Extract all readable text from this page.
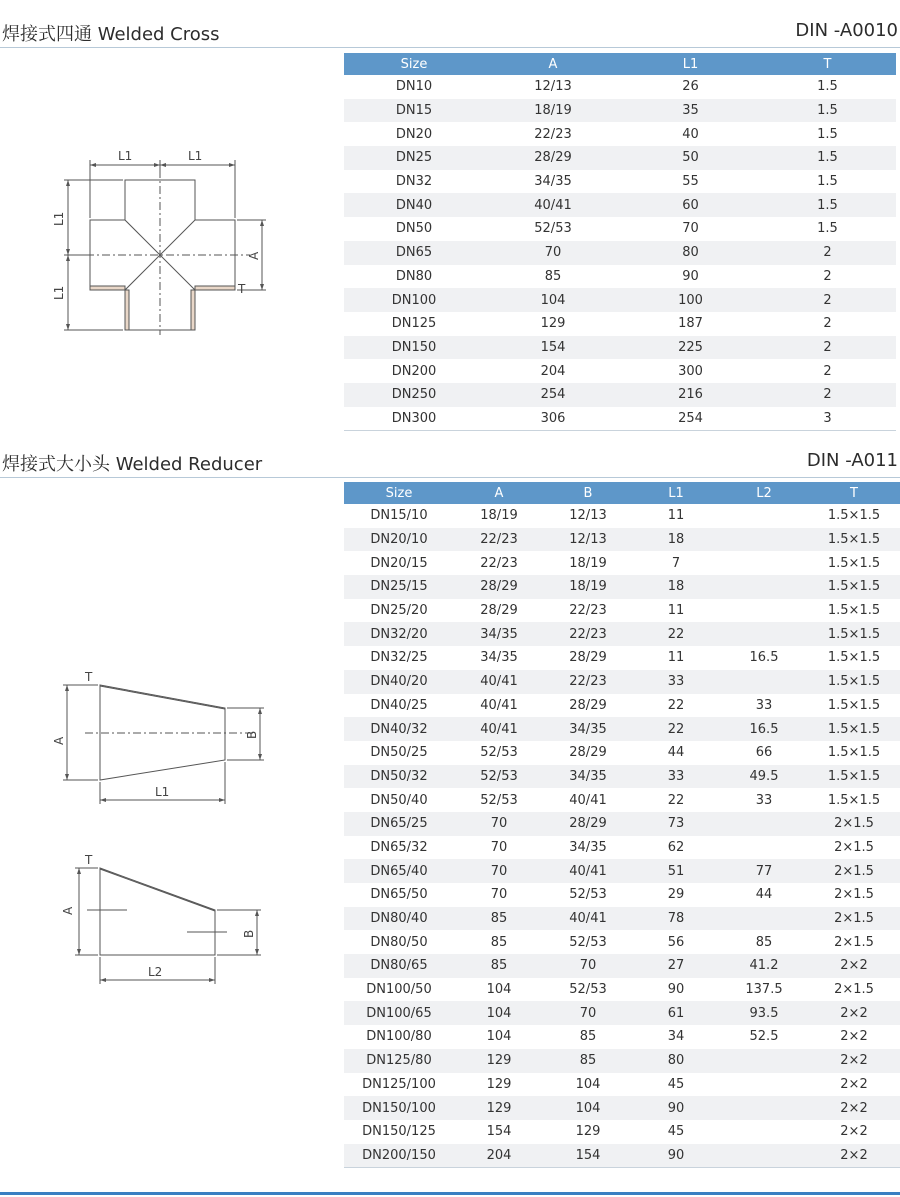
焊接式四通 Welded Cross	DIN -A0010
Size	A	L1	T
DN10	12/13	26	1.5
DN15	18/19	35	1.5
DN20	22/23	40	1.5
DN25	28/29	50	1.5
DN32	34/35	55	1.5
DN40	40/41	60	1.5
DN50	52/53	70	1.5
DN65	70	80	2
DN80	85	90	2
DN100	104	100	2
DN125	129	187	2
DN150	154	225	2
DN200	204	300	2
DN250	254	216	2
DN300	306	254	3
L1	L1
L1
L1
A
T
焊接式大小头 Welded Reducer	DIN -A011
Size	A	B	L1	L2	T
DN15/10	18/19	12/13	11		1.5×1.5
DN20/10	22/23	12/13	18		1.5×1.5
DN20/15	22/23	18/19	7		1.5×1.5
DN25/15	28/29	18/19	18		1.5×1.5
DN25/20	28/29	22/23	11		1.5×1.5
DN32/20	34/35	22/23	22		1.5×1.5
DN32/25	34/35	28/29	11	16.5	1.5×1.5
DN40/20	40/41	22/23	33		1.5×1.5
DN40/25	40/41	28/29	22	33	1.5×1.5
DN40/32	40/41	34/35	22	16.5	1.5×1.5
DN50/25	52/53	28/29	44	66	1.5×1.5
DN50/32	52/53	34/35	33	49.5	1.5×1.5
DN50/40	52/53	40/41	22	33	1.5×1.5
DN65/25	70	28/29	73		2×1.5
DN65/32	70	34/35	62		2×1.5
DN65/40	70	40/41	51	77	2×1.5
DN65/50	70	52/53	29	44	2×1.5
DN80/40	85	40/41	78		2×1.5
DN80/50	85	52/53	56	85	2×1.5
DN80/65	85	70	27	41.2	2×2
DN100/50	104	52/53	90	137.5	2×1.5
DN100/65	104	70	61	93.5	2×2
DN100/80	104	85	34	52.5	2×2
DN125/80	129	85	80		2×2
DN125/100	129	104	45		2×2
DN150/100	129	104	90		2×2
DN150/125	154	129	45		2×2
DN200/150	204	154	90		2×2
T
A
B
L1
T
A
B
L2
